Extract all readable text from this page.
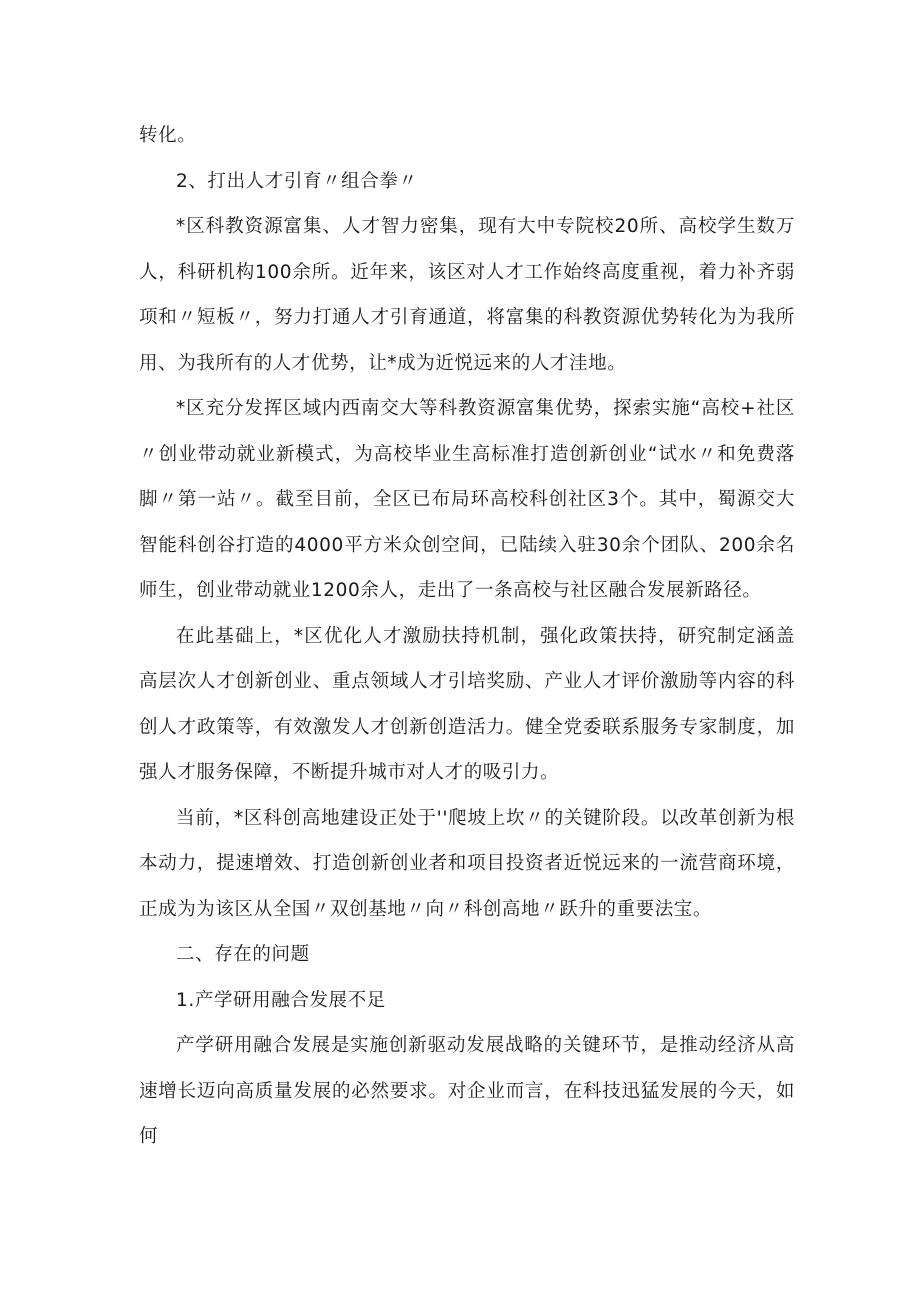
转化。

2、打出人才引育〃组合拳〃

*区科教资源富集、人才智力密集，现有大中专院校20所、高校学生数万人，科研机构100余所。近年来，该区对人才工作始终高度重视，着力补齐弱项和〃短板〃，努力打通人才引育通道，将富集的科教资源优势转化为为我所用、为我所有的人才优势，让*成为近悦远来的人才洼地。

*区充分发挥区域内西南交大等科教资源富集优势，探索实施“高校+社区〃创业带动就业新模式，为高校毕业生高标准打造创新创业“试水〃和免费落脚〃第一站〃。截至目前，全区已布局环高校科创社区3个。其中，蜀源交大智能科创谷打造的4000平方米众创空间，已陆续入驻30余个团队、200余名师生，创业带动就业1200余人，走出了一条高校与社区融合发展新路径。

在此基础上，*区优化人才激励扶持机制，强化政策扶持，研究制定涵盖高层次人才创新创业、重点领域人才引培奖励、产业人才评价激励等内容的科创人才政策等，有效激发人才创新创造活力。健全党委联系服务专家制度，加强人才服务保障，不断提升城市对人才的吸引力。

当前，*区科创高地建设正处于''爬坡上坎〃的关键阶段。以改革创新为根本动力，提速增效、打造创新创业者和项目投资者近悦远来的一流营商环境，正成为为该区从全国〃双创基地〃向〃科创高地〃跃升的重要法宝。

二、存在的问题

1.产学研用融合发展不足

产学研用融合发展是实施创新驱动发展战略的关键环节，是推动经济从高速增长迈向高质量发展的必然要求。对企业而言，在科技迅猛发展的今天，如何
